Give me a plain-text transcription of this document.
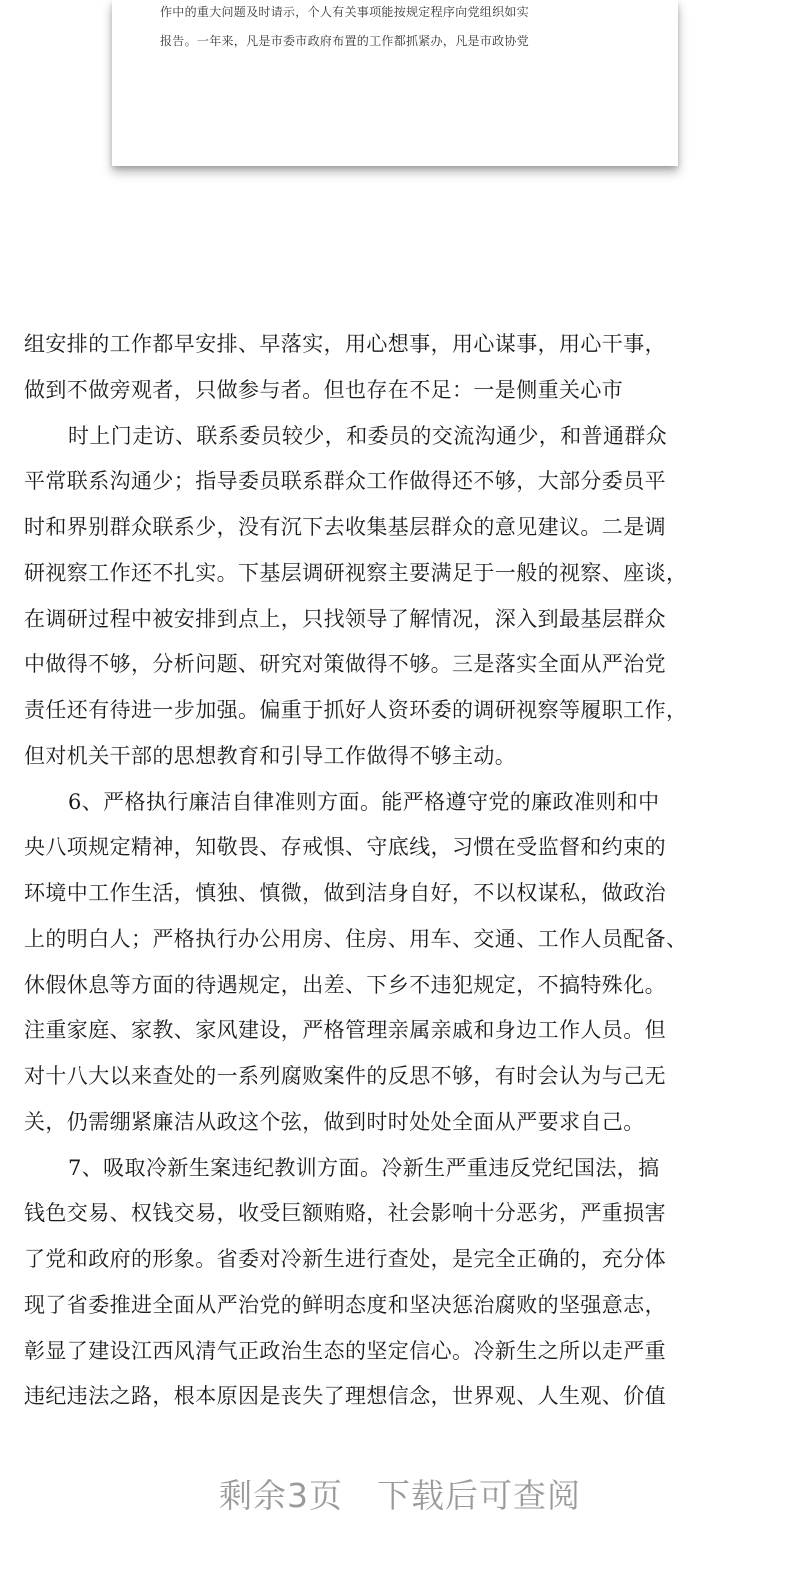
作中的重大问题及时请示，个人有关事项能按规定程序向党组织如实
报告。一年来，凡是市委市政府布置的工作都抓紧办，凡是市政协党
组安排的工作都早安排、早落实，用心想事，用心谋事，用心干事，
做到不做旁观者，只做参与者。但也存在不足：一是侧重关心市
时上门走访、联系委员较少，和委员的交流沟通少，和普通群众
平常联系沟通少；指导委员联系群众工作做得还不够，大部分委员平
时和界别群众联系少，没有沉下去收集基层群众的意见建议。二是调
研视察工作还不扎实。下基层调研视察主要满足于一般的视察、座谈，
在调研过程中被安排到点上，只找领导了解情况，深入到最基层群众
中做得不够，分析问题、研究对策做得不够。三是落实全面从严治党
责任还有待进一步加强。偏重于抓好人资环委的调研视察等履职工作，
但对机关干部的思想教育和引导工作做得不够主动。
6、严格执行廉洁自律准则方面。能严格遵守党的廉政准则和中
央八项规定精神，知敬畏、存戒惧、守底线，习惯在受监督和约束的
环境中工作生活，慎独、慎微，做到洁身自好，不以权谋私，做政治
上的明白人；严格执行办公用房、住房、用车、交通、工作人员配备、
休假休息等方面的待遇规定，出差、下乡不违犯规定，不搞特殊化。
注重家庭、家教、家风建设，严格管理亲属亲戚和身边工作人员。但
对十八大以来查处的一系列腐败案件的反思不够，有时会认为与己无
关，仍需绷紧廉洁从政这个弦，做到时时处处全面从严要求自己。
7、吸取冷新生案违纪教训方面。冷新生严重违反党纪国法，搞
钱色交易、权钱交易，收受巨额贿赂，社会影响十分恶劣，严重损害
了党和政府的形象。省委对冷新生进行查处，是完全正确的，充分体
现了省委推进全面从严治党的鲜明态度和坚决惩治腐败的坚强意志，
彰显了建设江西风清气正政治生态的坚定信心。冷新生之所以走严重
违纪违法之路，根本原因是丧失了理想信念，世界观、人生观、价值
剩余3页　下载后可查阅
